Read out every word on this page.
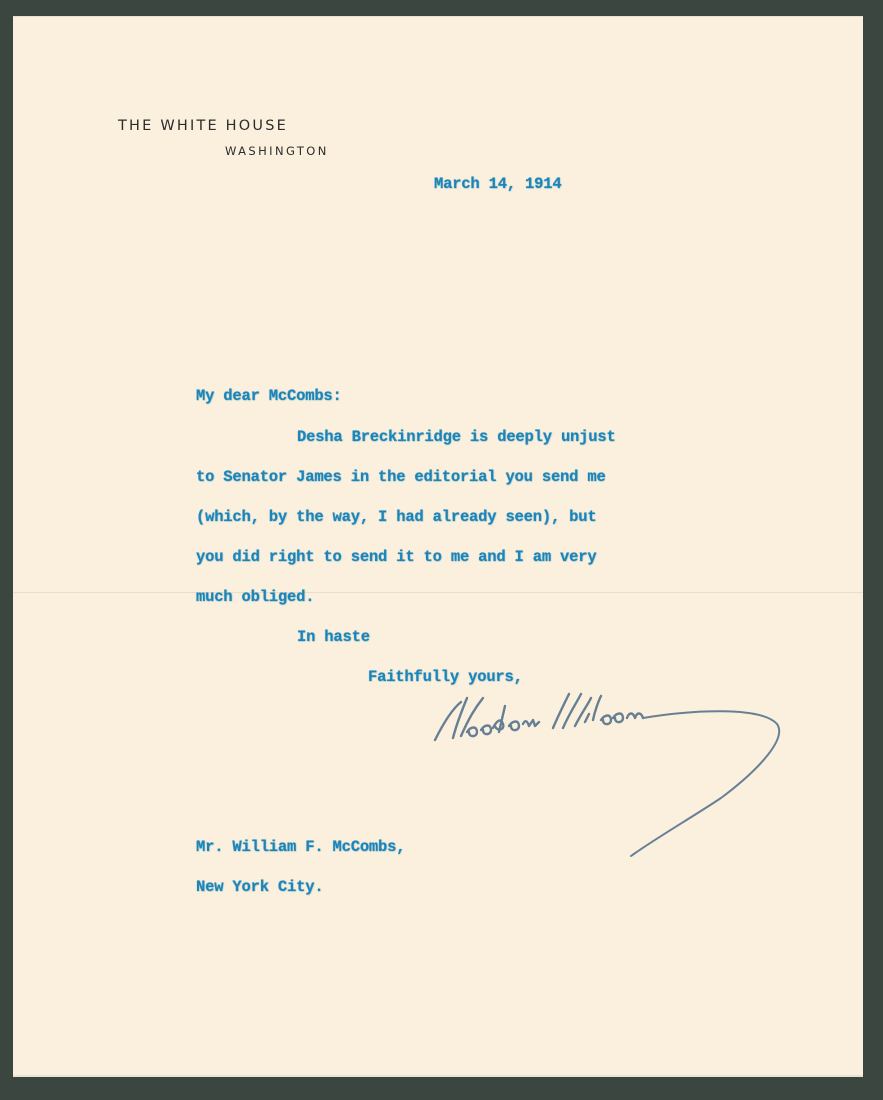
THE WHITE HOUSE
WASHINGTON
March 14, 1914
My dear McCombs:
Desha Breckinridge is deeply unjust
to Senator James in the editorial you send me
(which, by the way, I had already seen), but
you did right to send it to me and I am very
much obliged.
In haste
Faithfully yours,
Mr. William F. McCombs,
New York City.
